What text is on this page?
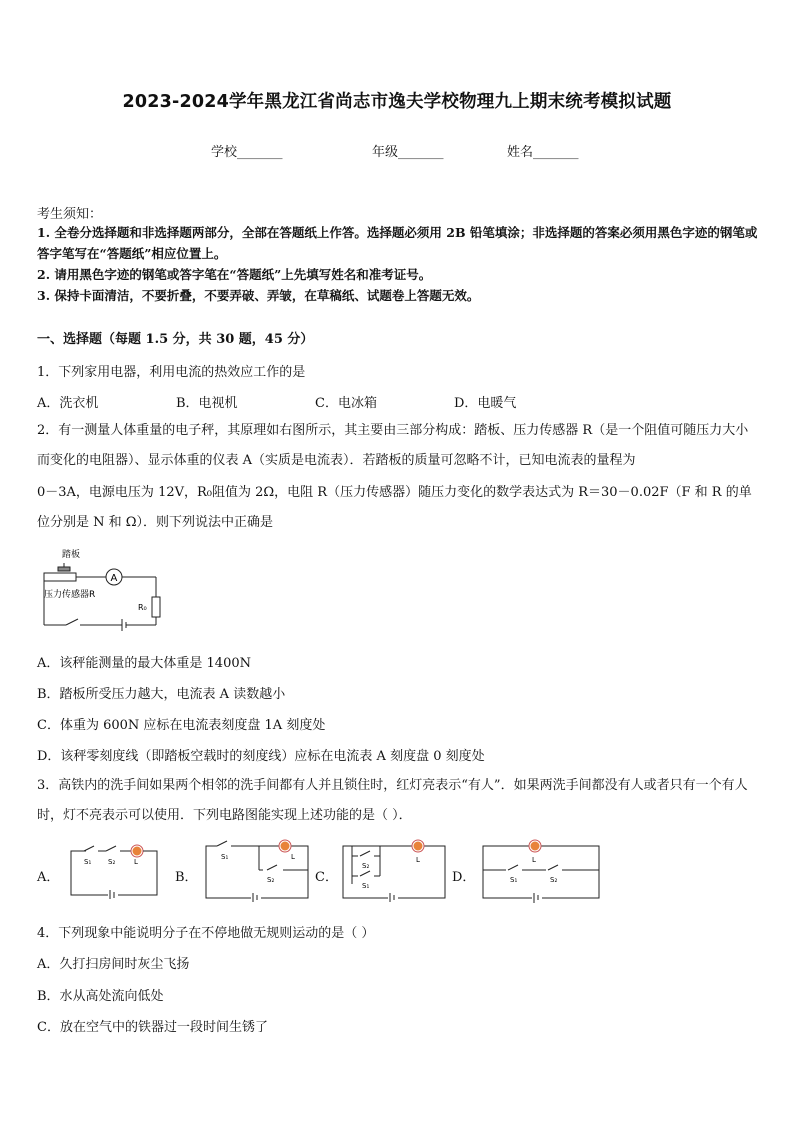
2023-2024学年黑龙江省尚志市逸夫学校物理九上期末统考模拟试题
学校_______	年级_______	姓名_______
考生须知：
1. 全卷分选择题和非选择题两部分，全部在答题纸上作答。选择题必须用 2B 铅笔填涂；非选择题的答案必须用黑色字迹的钢笔或答字笔写在“答题纸”相应位置上。
2. 请用黑色字迹的钢笔或答字笔在“答题纸”上先填写姓名和准考证号。
3. 保持卡面清洁，不要折叠，不要弄破、弄皱，在草稿纸、试题卷上答题无效。
一、选择题（每题 1.5 分，共 30 题，45 分）
1．下列家用电器，利用电流的热效应工作的是
A．洗衣机	B．电视机	C．电冰箱	D．电暖气
2．有一测量人体重量的电子秤，其原理如右图所示，其主要由三部分构成：踏板、压力传感器 R（是一个阻值可随压力大小而变化的电阻器）、显示体重的仪表 A（实质是电流表）．若踏板的质量可忽略不计，已知电流表的量程为
0－3A，电源电压为 12V，R₀阻值为 2Ω，电阻 R（压力传感器）随压力变化的数学表达式为 R＝30－0.02F（F 和 R 的单位分别是 N 和 Ω）．则下列说法中正确是
踏板
A
R₀
压力传感器R
A．该秤能测量的最大体重是 1400N
B．踏板所受压力越大，电流表 A 读数越小
C．体重为 600N 应标在电流表刻度盘 1A 刻度处
D．该秤零刻度线（即踏板空载时的刻度线）应标在电流表 A 刻度盘 0 刻度处
3．高铁内的洗手间如果两个相邻的洗手间都有人并且锁住时，红灯亮表示“有人”．如果两洗手间都没有人或者只有一个有人时，灯不亮表示可以使用．下列电路图能实现上述功能的是（ ）．
A．
S₁ S₂	L
B．
S₁
S₂
L
C．
S₂
S₁
L
D．
L
S₁	S₂
4．下列现象中能说明分子在不停地做无规则运动的是（ ）
A．久打扫房间时灰尘飞扬
B．水从高处流向低处
C．放在空气中的铁器过一段时间生锈了
